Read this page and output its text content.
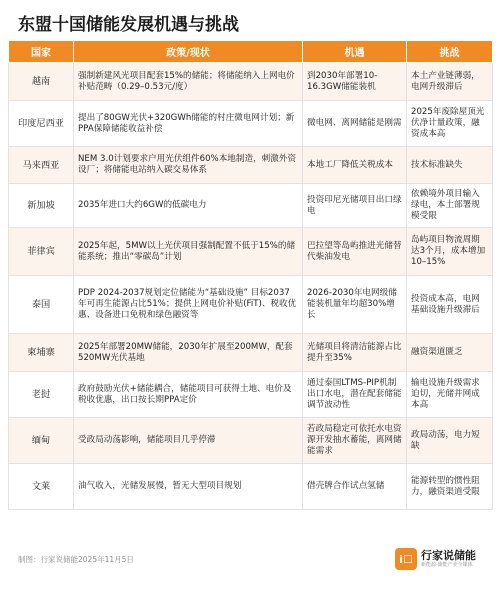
东盟十国储能发展机遇与挑战
国家	政策/现状	机遇	挑战
越南	强制新建风光项目配套15%的储能；将储能纳入上网电价补贴范畴（0.29–0.53元/度）	到2030年部署10-16.3GW储能装机	本土产业链薄弱，电网升级滞后
印度尼西亚	提出了80GW光伏+320GWh储能的村庄微电网计划；新PPA保障储能收益补偿	微电网、离网储能是刚需	2025年废除屋顶光伏净计量政策，融资成本高
马来西亚	NEM 3.0计划要求户用光伏组件60%本地制造，刺激外资设厂；将储能电站纳入碳交易体系	本地工厂降低关税成本	技术标准缺失
新加坡	2035年进口大约6GW的低碳电力	投资印尼光储项目出口绿电	依赖境外项目输入绿电，本土部署规模受限
菲律宾	2025年起，5MW以上光伏项目强制配置不低于15%的储能系统；推出“零碳岛”计划	巴拉望等岛屿推进光储替代柴油发电	岛屿项目物流周期达3个月，成本增加10–15%
泰国	PDP 2024-2037规划定位储能为“基础设施” 目标2037年可再生能源占比51%；提供上网电价补贴(FiT)、税收优惠、设备进口免税和绿色融资等	2026-2030年电网级储能装机量年均超30%增长	投资成本高，电网基础设施升级滞后
柬埔寨	2025年部署20MW储能，2030年扩展至200MW，配套520MW光伏基地	光储项目将清洁能源占比提升至35%	融资渠道匮乏
老挝	政府鼓励光伏+储能耦合，储能项目可获得土地、电价及税收优惠，出口按长期PPA定价	通过泰国LTMS-PIP机制出口水电，潜在配套储能调节波动性	输电设施升级需求迫切，光储并网成本高
缅甸	受政局动荡影响，储能项目几乎停滞	若政局稳定可依托水电资源开发抽水蓄能，离网储能需求	政局动荡，电力短缺
文莱	油气收入，光储发展慢，暂无大型项目规划	借壳牌合作试点氢储	能源转型的惯性阻力，融资渠道受限
制图：行家说储能2025年11月5日	i☐ 行家说储能
新能源·储能产业全媒体
